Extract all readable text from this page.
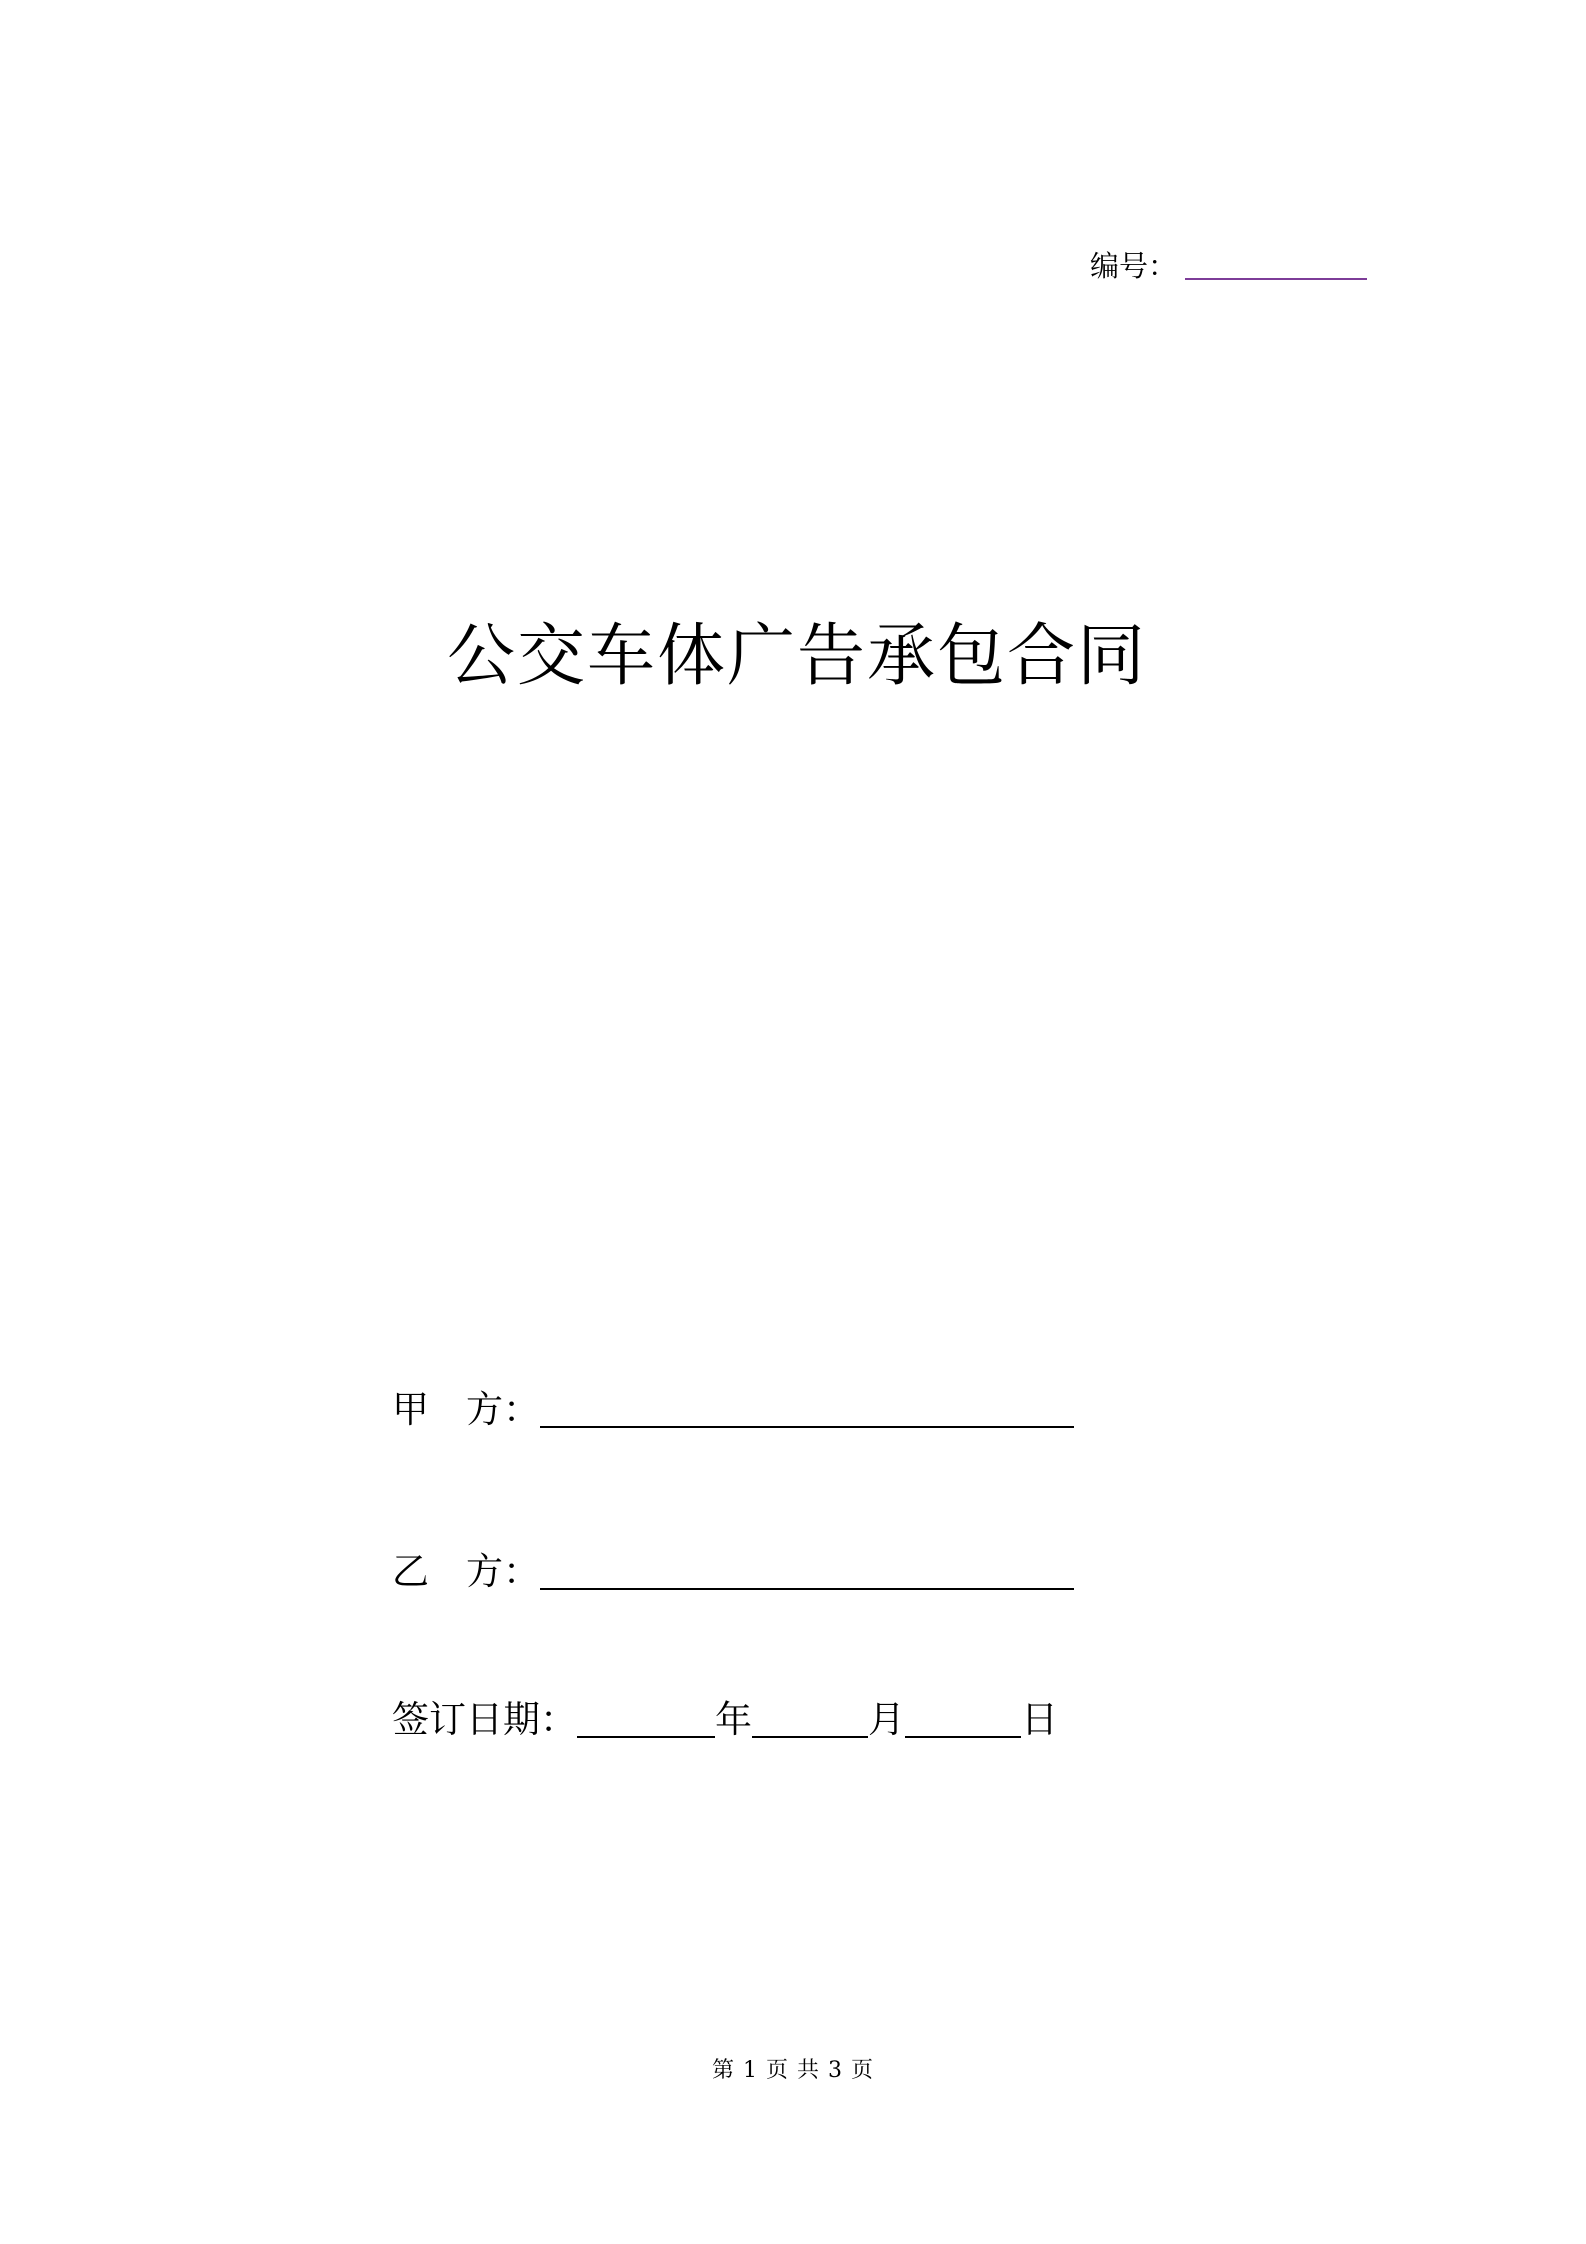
编号：
公交车体广告承包合同
甲　方：
乙　方：
签订日期：	年	月	日
第 1 页 共 3 页
